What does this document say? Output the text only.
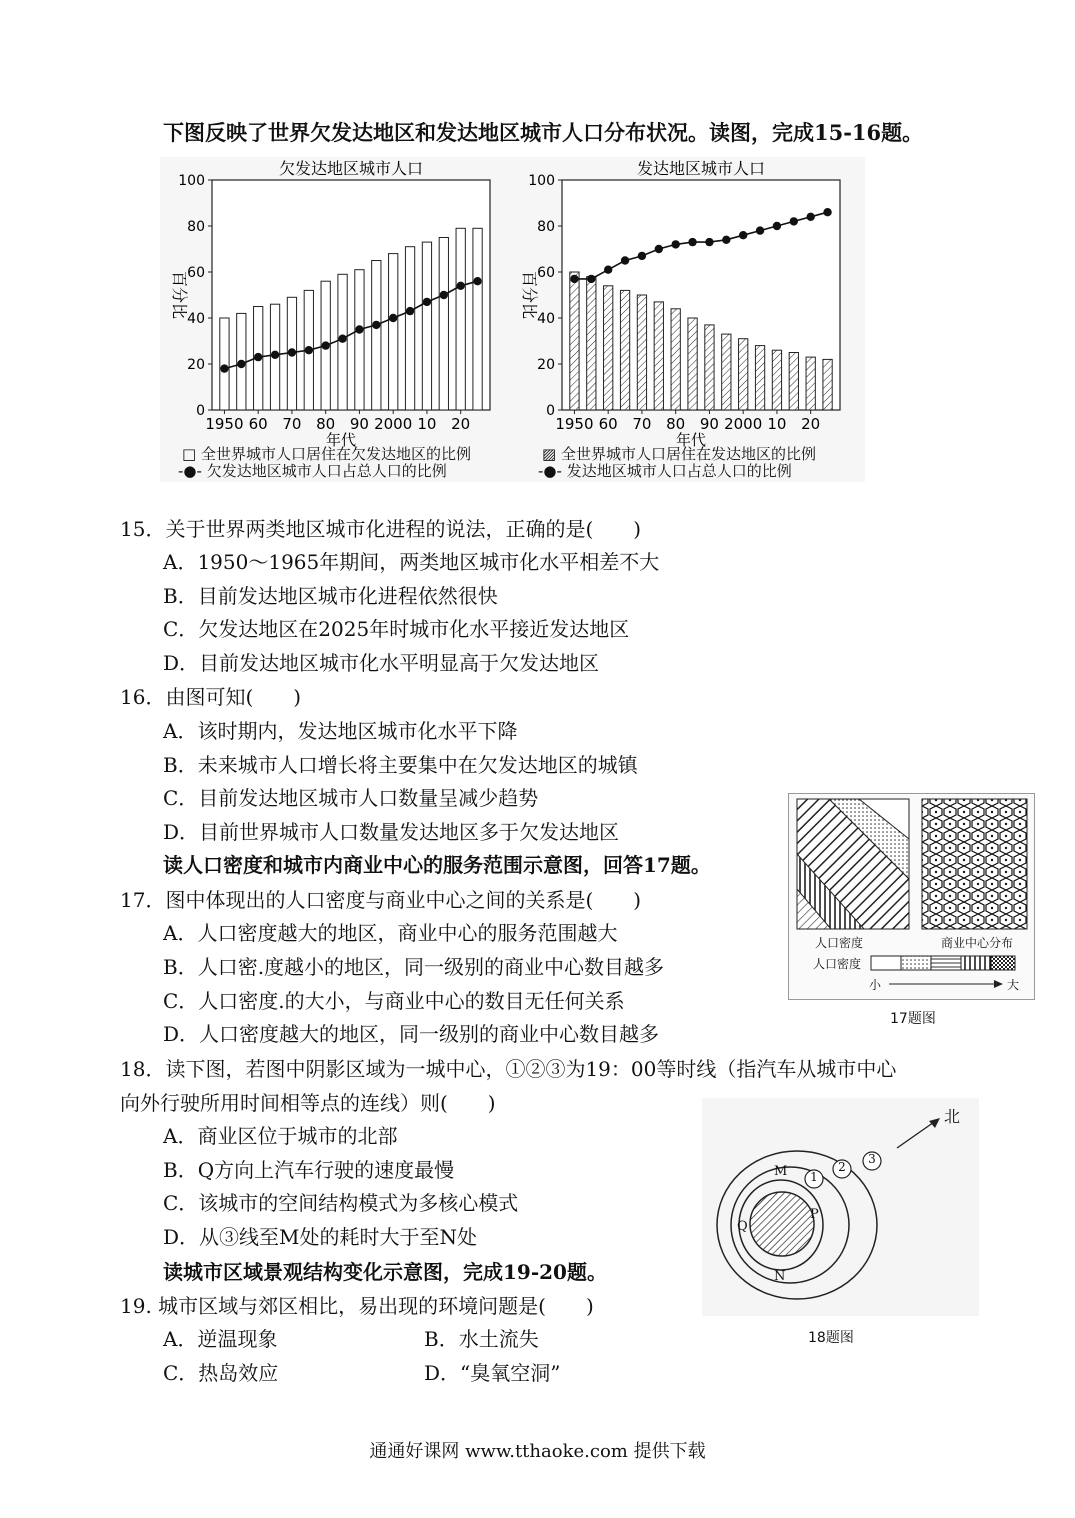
下图反映了世界欠发达地区和发达地区城市人口分布状况。读图，完成15-16题。
欠发达地区城市人口
0
20
40
60
80
100
百分比
1950 60 70 80 90 2000 10 20
年代
发达地区城市人口
0
20
40
60
80
100
百分比
1950 60 70 80 90 2000 10 20
年代
□ 全世界城市人口居住在欠发达地区的比例
-●- 欠发达地区城市人口占总人口的比例
▨ 全世界城市人口居住在发达地区的比例
-●- 发达地区城市人口占总人口的比例
15．关于世界两类地区城市化进程的说法，正确的是(　　)
A．1950～1965年期间，两类地区城市化水平相差不大
B．目前发达地区城市化进程依然很快
C．欠发达地区在2025年时城市化水平接近发达地区
D．目前发达地区城市化水平明显高于欠发达地区
16．由图可知(　　)
A．该时期内，发达地区城市化水平下降
B．未来城市人口增长将主要集中在欠发达地区的城镇
C．目前发达地区城市人口数量呈减少趋势
D．目前世界城市人口数量发达地区多于欠发达地区
读人口密度和城市内商业中心的服务范围示意图，回答17题。
17．图中体现出的人口密度与商业中心之间的关系是(　　)
A．人口密度越大的地区，商业中心的服务范围越大
B．人口密.度越小的地区，同一级别的商业中心数目越多
C．人口密度.的大小，与商业中心的数目无任何关系
D．人口密度越大的地区，同一级别的商业中心数目越多
人口密度	商业中心分布
人口密度
小	大
17题图
18．读下图，若图中阴影区域为一城中心，①②③为19：00等时线（指汽车从城市中心
向外行驶所用时间相等点的连线）则(　　)
A．商业区位于城市的北部
B．Q方向上汽车行驶的速度最慢
C．该城市的空间结构模式为多核心模式
D．从③线至M处的耗时大于至N处
1
2
3
北
M
N
P
Q
18题图
读城市区域景观结构变化示意图，完成19-20题。
19. 城市区域与郊区相比，易出现的环境问题是(　　)
A．逆温现象	B．水土流失
C．热岛效应	D．“臭氧空洞”
通通好课网 www.tthaoke.com 提供下载
